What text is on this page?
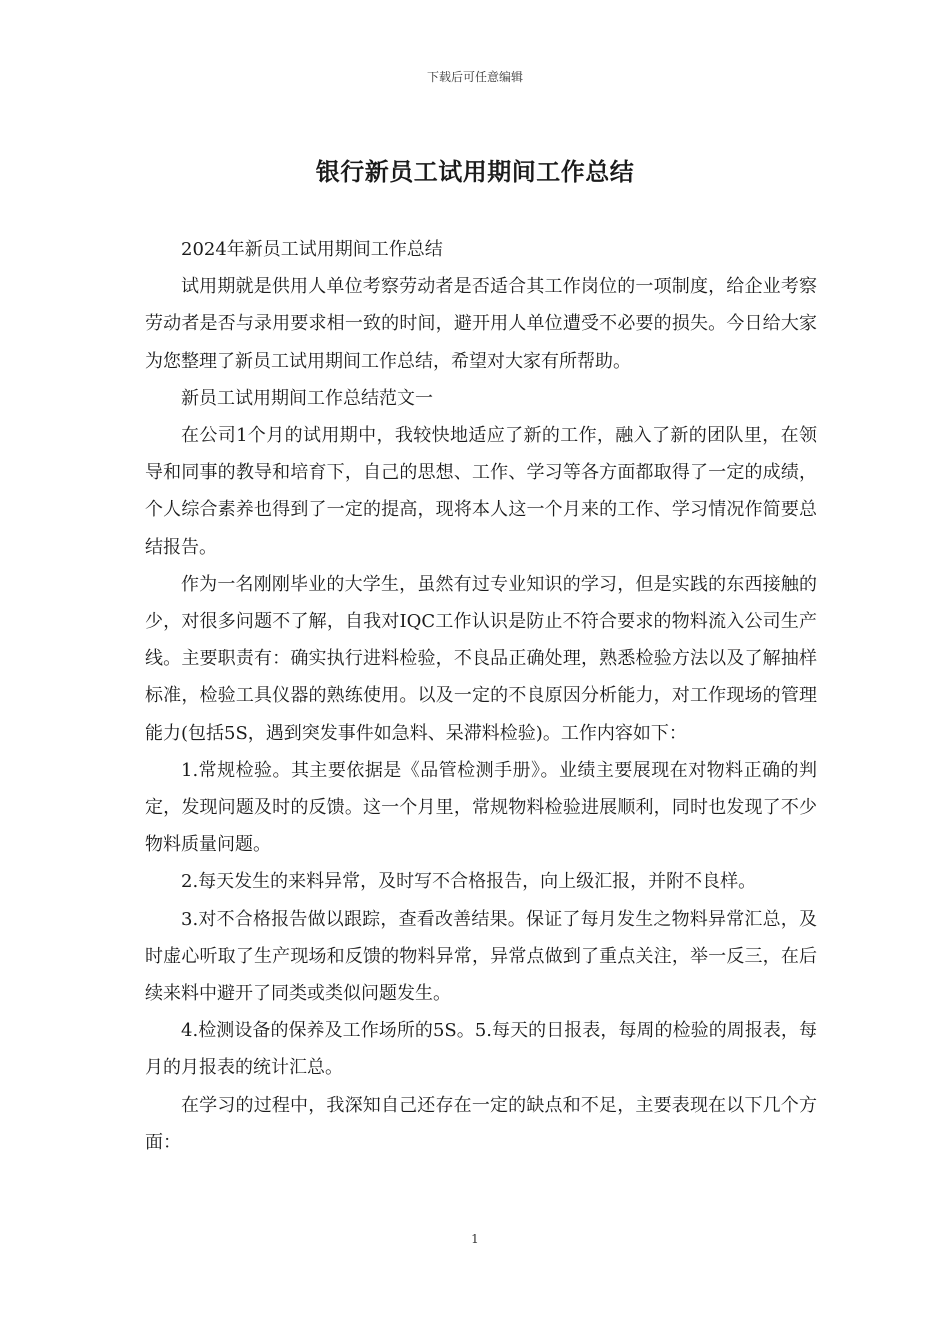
下载后可任意编辑
银行新员工试用期间工作总结

2024年新员工试用期间工作总结

试用期就是供用人单位考察劳动者是否适合其工作岗位的一项制度，给企业考察劳动者是否与录用要求相一致的时间，避开用人单位遭受不必要的损失。今日给大家为您整理了新员工试用期间工作总结，希望对大家有所帮助。

新员工试用期间工作总结范文一

在公司1个月的试用期中，我较快地适应了新的工作，融入了新的团队里，在领导和同事的教导和培育下，自己的思想、工作、学习等各方面都取得了一定的成绩，个人综合素养也得到了一定的提高，现将本人这一个月来的工作、学习情况作简要总结报告。

作为一名刚刚毕业的大学生，虽然有过专业知识的学习，但是实践的东西接触的少，对很多问题不了解，自我对IQC工作认识是防止不符合要求的物料流入公司生产线。主要职责有：确实执行进料检验，不良品正确处理，熟悉检验方法以及了解抽样标准，检验工具仪器的熟练使用。以及一定的不良原因分析能力，对工作现场的管理能力(包括5S，遇到突发事件如急料、呆滞料检验)。工作内容如下：

1.常规检验。其主要依据是《品管检测手册》。业绩主要展现在对物料正确的判定，发现问题及时的反馈。这一个月里，常规物料检验进展顺利，同时也发现了不少物料质量问题。

2.每天发生的来料异常，及时写不合格报告，向上级汇报，并附不良样。

3.对不合格报告做以跟踪，查看改善结果。保证了每月发生之物料异常汇总，及时虚心听取了生产现场和反馈的物料异常，异常点做到了重点关注，举一反三，在后续来料中避开了同类或类似问题发生。

4.检测设备的保养及工作场所的5S。5.每天的日报表，每周的检验的周报表，每月的月报表的统计汇总。

在学习的过程中，我深知自己还存在一定的缺点和不足，主要表现在以下几个方面：

1
